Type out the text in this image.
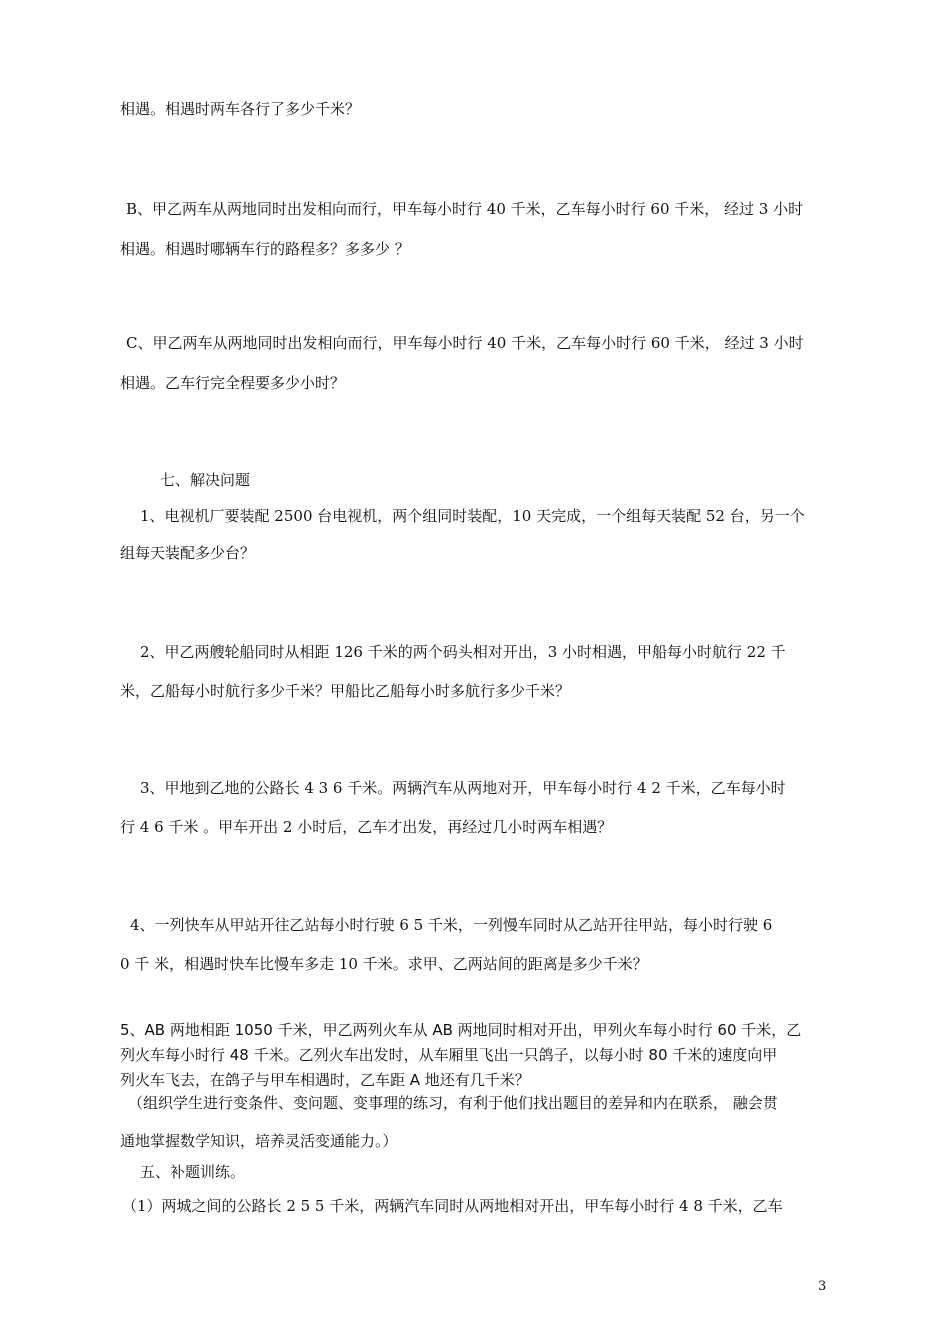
相遇。相遇时两车各行了多少千米？
B、甲乙两车从两地同时出发相向而行，甲车每小时行 40 千米，乙车每小时行 60 千米， 经过 3 小时
相遇。相遇时哪辆车行的路程多？多多少 ？
C、甲乙两车从两地同时出发相向而行，甲车每小时行 40 千米，乙车每小时行 60 千米， 经过 3 小时
相遇。乙车行完全程要多少小时？
七、解决问题
1、电视机厂要装配 2500 台电视机，两个组同时装配，10 天完成，一个组每天装配 52 台，另一个
组每天装配多少台？
2、甲乙两艘轮船同时从相距 126 千米的两个码头相对开出，3 小时相遇，甲船每小时航行 22 千
米，乙船每小时航行多少千米？甲船比乙船每小时多航行多少千米？
3、甲地到乙地的公路长 4 3 6 千米。两辆汽车从两地对开，甲车每小时行 4 2 千米，乙车每小时
行 4 6 千米 。甲车开出 2 小时后，乙车才出发，再经过几小时两车相遇？
4、一列快车从甲站开往乙站每小时行驶 6 5 千米，一列慢车同时从乙站开往甲站，每小时行驶 6
0 千 米，相遇时快车比慢车多走 10 千米。求甲、乙两站间的距离是多少千米？
5、AB 两地相距 1050 千米，甲乙两列火车从 AB 两地同时相对开出，甲列火车每小时行 60 千米，乙
列火车每小时行 48 千米。乙列火车出发时，从车厢里飞出一只鸽子，以每小时 80 千米的速度向甲
列火车飞去，在鸽子与甲车相遇时，乙车距 A 地还有几千米？
（组织学生进行变条件、变问题、变事理的练习，有利于他们找出题目的差异和内在联系， 融会贯
通地掌握数学知识，培养灵活变通能力。）
五、补题训练。
（1）两城之间的公路长 2 5 5 千米，两辆汽车同时从两地相对开出，甲车每小时行 4 8 千米，乙车
3
